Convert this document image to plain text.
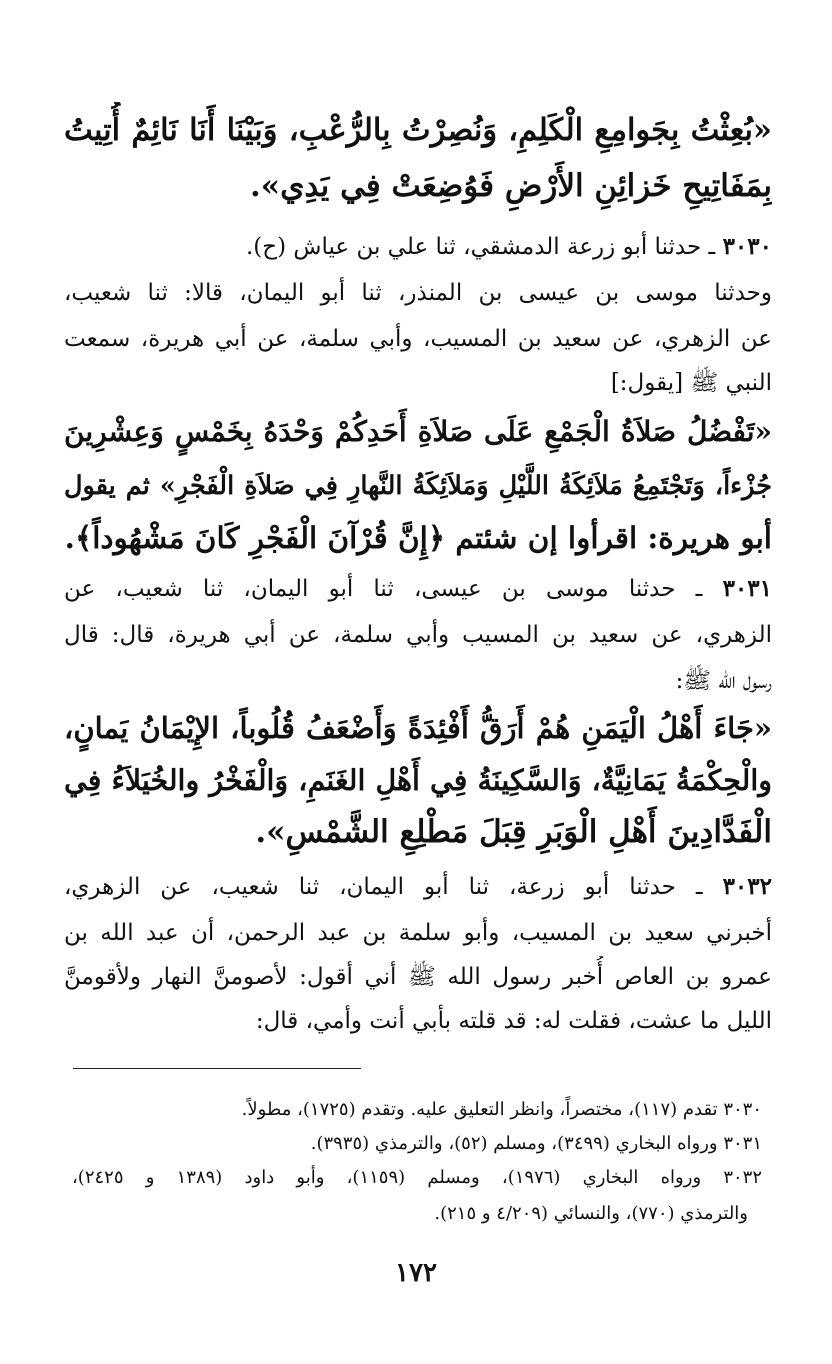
«بُعِثْتُ بِجَوامِعِ الْكَلِمِ، وَنُصِرْتُ بِالرُّعْبِ، وَبَيْنَا أَنَا نَائِمٌ أُتِيتُ
بِمَفَاتِيحِ خَزائِنِ الأَرْضِ فَوُضِعَتْ فِي يَدِي».
٣٠٣٠ ـ حدثنا أبو زرعة الدمشقي، ثنا علي بن عياش (ح).
وحدثنا موسى بن عيسى بن المنذر، ثنا أبو اليمان، قالا: ثنا شعيب،
عن الزهري، عن سعيد بن المسيب، وأبي سلمة، عن أبي هريرة، سمعت
النبي ﷺ [يقول:]
«تَفْضُلُ صَلاَةُ الْجَمْعِ عَلَى صَلاَةِ أَحَدِكُمْ وَحْدَهُ بِخَمْسٍ وَعِشْرِينَ
جُزْءاً، وَتَجْتَمِعُ مَلاَئِكَةُ اللَّيْلِ وَمَلاَئِكَةُ النَّهارِ فِي صَلاَةِ الْفَجْرِ» ثم يقول
أبو هريرة: اقرأوا إن شئتم ﴿إِنَّ قُرْآنَ الْفَجْرِ كَانَ مَشْهُوداً﴾.
٣٠٣١ ـ حدثنا موسى بن عيسى، ثنا أبو اليمان، ثنا شعيب، عن
الزهري، عن سعيد بن المسيب وأبي سلمة، عن أبي هريرة، قال: قال
رسول الله ﷺ:
«جَاءَ أَهْلُ الْيَمَنِ هُمْ أَرَقُّ أَفْئِدَةً وَأَضْعَفُ قُلُوباً، الإِيْمَانُ يَمانٍ،
والْحِكْمَةُ يَمَانِيَّةٌ، وَالسَّكِينَةُ فِي أَهْلِ الغَنَمِ، وَالْفَخْرُ والخُيَلاَءُ فِي
الْفَدَّادِينَ أَهْلِ الْوَبَرِ قِبَلَ مَطْلِعِ الشَّمْسِ».
٣٠٣٢ ـ حدثنا أبو زرعة، ثنا أبو اليمان، ثنا شعيب، عن الزهري،
أخبرني سعيد بن المسيب، وأبو سلمة بن عبد الرحمن، أن عبد الله بن
عمرو بن العاص أُخبر رسول الله ﷺ أني أقول: لأصومنَّ النهار ولأقومنَّ
الليل ما عشت، فقلت له: قد قلته بأبي أنت وأمي، قال:
٣٠٣٠ تقدم (١١٧)، مختصراً، وانظر التعليق عليه. وتقدم (١٧٢٥)، مطولاً.
٣٠٣١ ورواه البخاري (٣٤٩٩)، ومسلم (٥٢)، والترمذي (٣٩٣٥).
٣٠٣٢ ورواه البخاري (١٩٧٦)، ومسلم (١١٥٩)، وأبو داود (١٣٨٩ و ٢٤٢٥)،
والترمذي (٧٧٠)، والنسائي (٤/٢٠٩ و ٢١٥).
١٧٢
